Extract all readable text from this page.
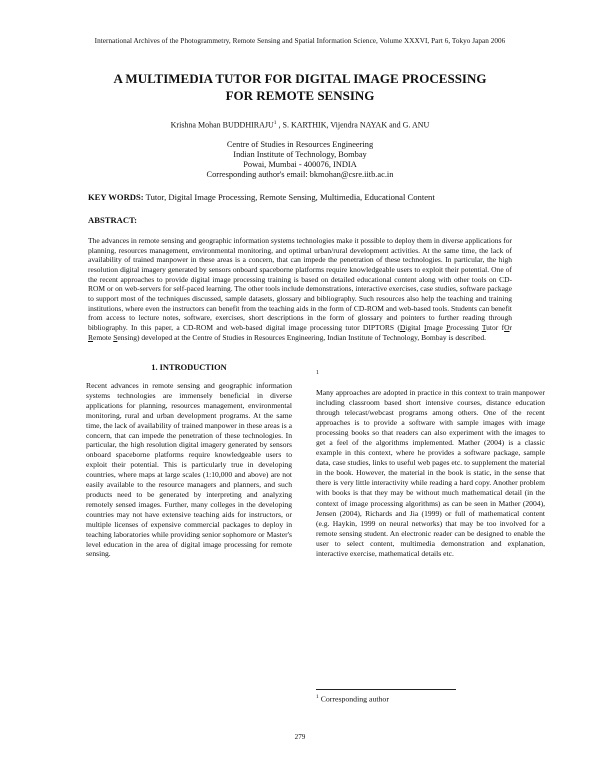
International Archives of the Photogrammetry, Remote Sensing and Spatial Information Science, Volume XXXVI, Part 6, Tokyo Japan 2006
A MULTIMEDIA TUTOR FOR DIGITAL IMAGE PROCESSING
FOR REMOTE SENSING
Krishna Mohan BUDDHIRAJU$^1$ , S. KARTHIK, Vijendra NAYAK and G. ANU
Centre of Studies in Resources Engineering
Indian Institute of Technology, Bombay
Powai, Mumbai - 400076, INDIA
Corresponding author's email: bkmohan@csre.iitb.ac.in
KEY WORDS: Tutor, Digital Image Processing, Remote Sensing, Multimedia, Educational Content
ABSTRACT:

The advances in remote sensing and geographic information systems technologies make it possible to deploy them in diverse applications for planning, resources management, environmental monitoring, and optimal urban/rural development activities. At the same time, the lack of availability of trained manpower in these areas is a concern, that can impede the penetration of these technologies. In particular, the high resolution digital imagery generated by sensors onboard spaceborne platforms require knowledgeable users to exploit their potential. One of the recent approaches to provide digital image processing training is based on detailed educational content along with other tools on CD-ROM or on web-servers for self-paced learning. The other tools include demonstrations, interactive exercises, case studies, software package to support most of the techniques discussed, sample datasets, glossary and bibliography. Such resources also help the teaching and training institutions, where even the instructors can benefit from the teaching aids in the form of CD-ROM and web-based tools. Students can benefit from access to lecture notes, software, exercises, short descriptions in the form of glossary and pointers to further reading through bibliography. In this paper, a CD-ROM and web-based digital image processing tutor DIPTORS (Digital Image Processing Tutor fOr Remote Sensing) developed at the Centre of Studies in Resources Engineering, Indian Institute of Technology, Bombay is described.

1. INTRODUCTION
Recent advances in remote sensing and geographic information systems technologies are immensely beneficial in diverse applications for planning, resources management, environmental monitoring, rural and urban development programs. At the same time, the lack of availability of trained manpower in these areas is a concern, that can impede the penetration of these technologies. In particular, the high resolution digital imagery generated by sensors onboard spaceborne platforms require knowledgeable users to exploit their potential. This is particularly true in developing countries, where maps at large scales (1:10,000 and above) are not easily available to the resource managers and planners, and such products need to be generated by interpreting and analyzing remotely sensed images. Further, many colleges in the developing countries may not have extensive teaching aids for instructors, or multiple licenses of expensive commercial packages to deploy in teaching laboratories while providing senior sophomore or Master's level education in the area of digital image processing for remote sensing.
1
Many approaches are adopted in practice in this context to train manpower including classroom based short intensive courses, distance education through telecast/webcast programs among others. One of the recent approaches is to provide a software with sample images with image processing books so that readers can also experiment with the images to get a feel of the algorithms implemented. Mather (2004) is a classic example in this context, where he provides a software package, sample data, case studies, links to useful web pages etc. to supplement the material in the book. However, the material in the book is static, in the sense that there is very little interactivity while reading a hard copy. Another problem with books is that they may be without much mathematical detail (in the context of image processing algorithms) as can be seen in Mather (2004), Jensen (2004), Richards and Jia (1999) or full of mathematical content (e.g. Haykin, 1999 on neural networks) that may be too involved for a remote sensing student. An electronic reader can be designed to enable the user to select content, multimedia demonstration and explanation, interactive exercise, mathematical details etc.
$^1$ Corresponding author
279
